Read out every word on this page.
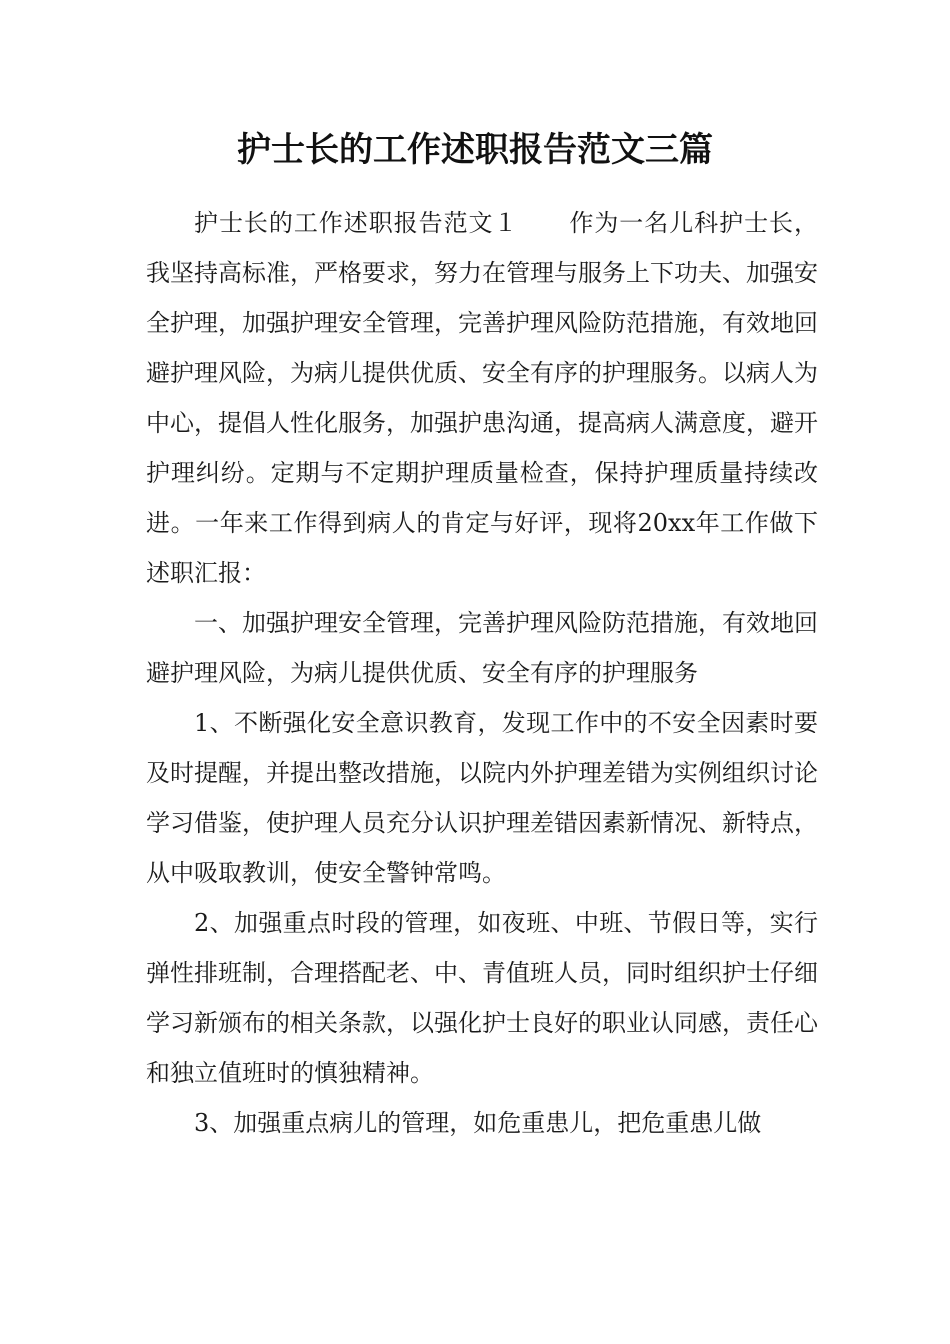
护士长的工作述职报告范文三篇

护士长的工作述职报告范文１ 作为一名儿科护士长，我坚持高标准，严格要求，努力在管理与服务上下功夫、加强安全护理，加强护理安全管理，完善护理风险防范措施，有效地回避护理风险，为病儿提供优质、安全有序的护理服务。以病人为中心，提倡人性化服务，加强护患沟通，提高病人满意度，避开护理纠纷。定期与不定期护理质量检查，保持护理质量持续改进。一年来工作得到病人的肯定与好评，现将20xx年工作做下述职汇报：

一、加强护理安全管理，完善护理风险防范措施，有效地回避护理风险，为病儿提供优质、安全有序的护理服务

1、不断强化安全意识教育，发现工作中的不安全因素时要及时提醒，并提出整改措施，以院内外护理差错为实例组织讨论学习借鉴，使护理人员充分认识护理差错因素新情况、新特点，从中吸取教训，使安全警钟常鸣。

2、加强重点时段的管理，如夜班、中班、节假日等，实行弹性排班制，合理搭配老、中、青值班人员，同时组织护士仔细学习新颁布的相关条款，以强化护士良好的职业认同感，责任心和独立值班时的慎独精神。

3、加强重点病儿的管理，如危重患儿，把危重患儿做
